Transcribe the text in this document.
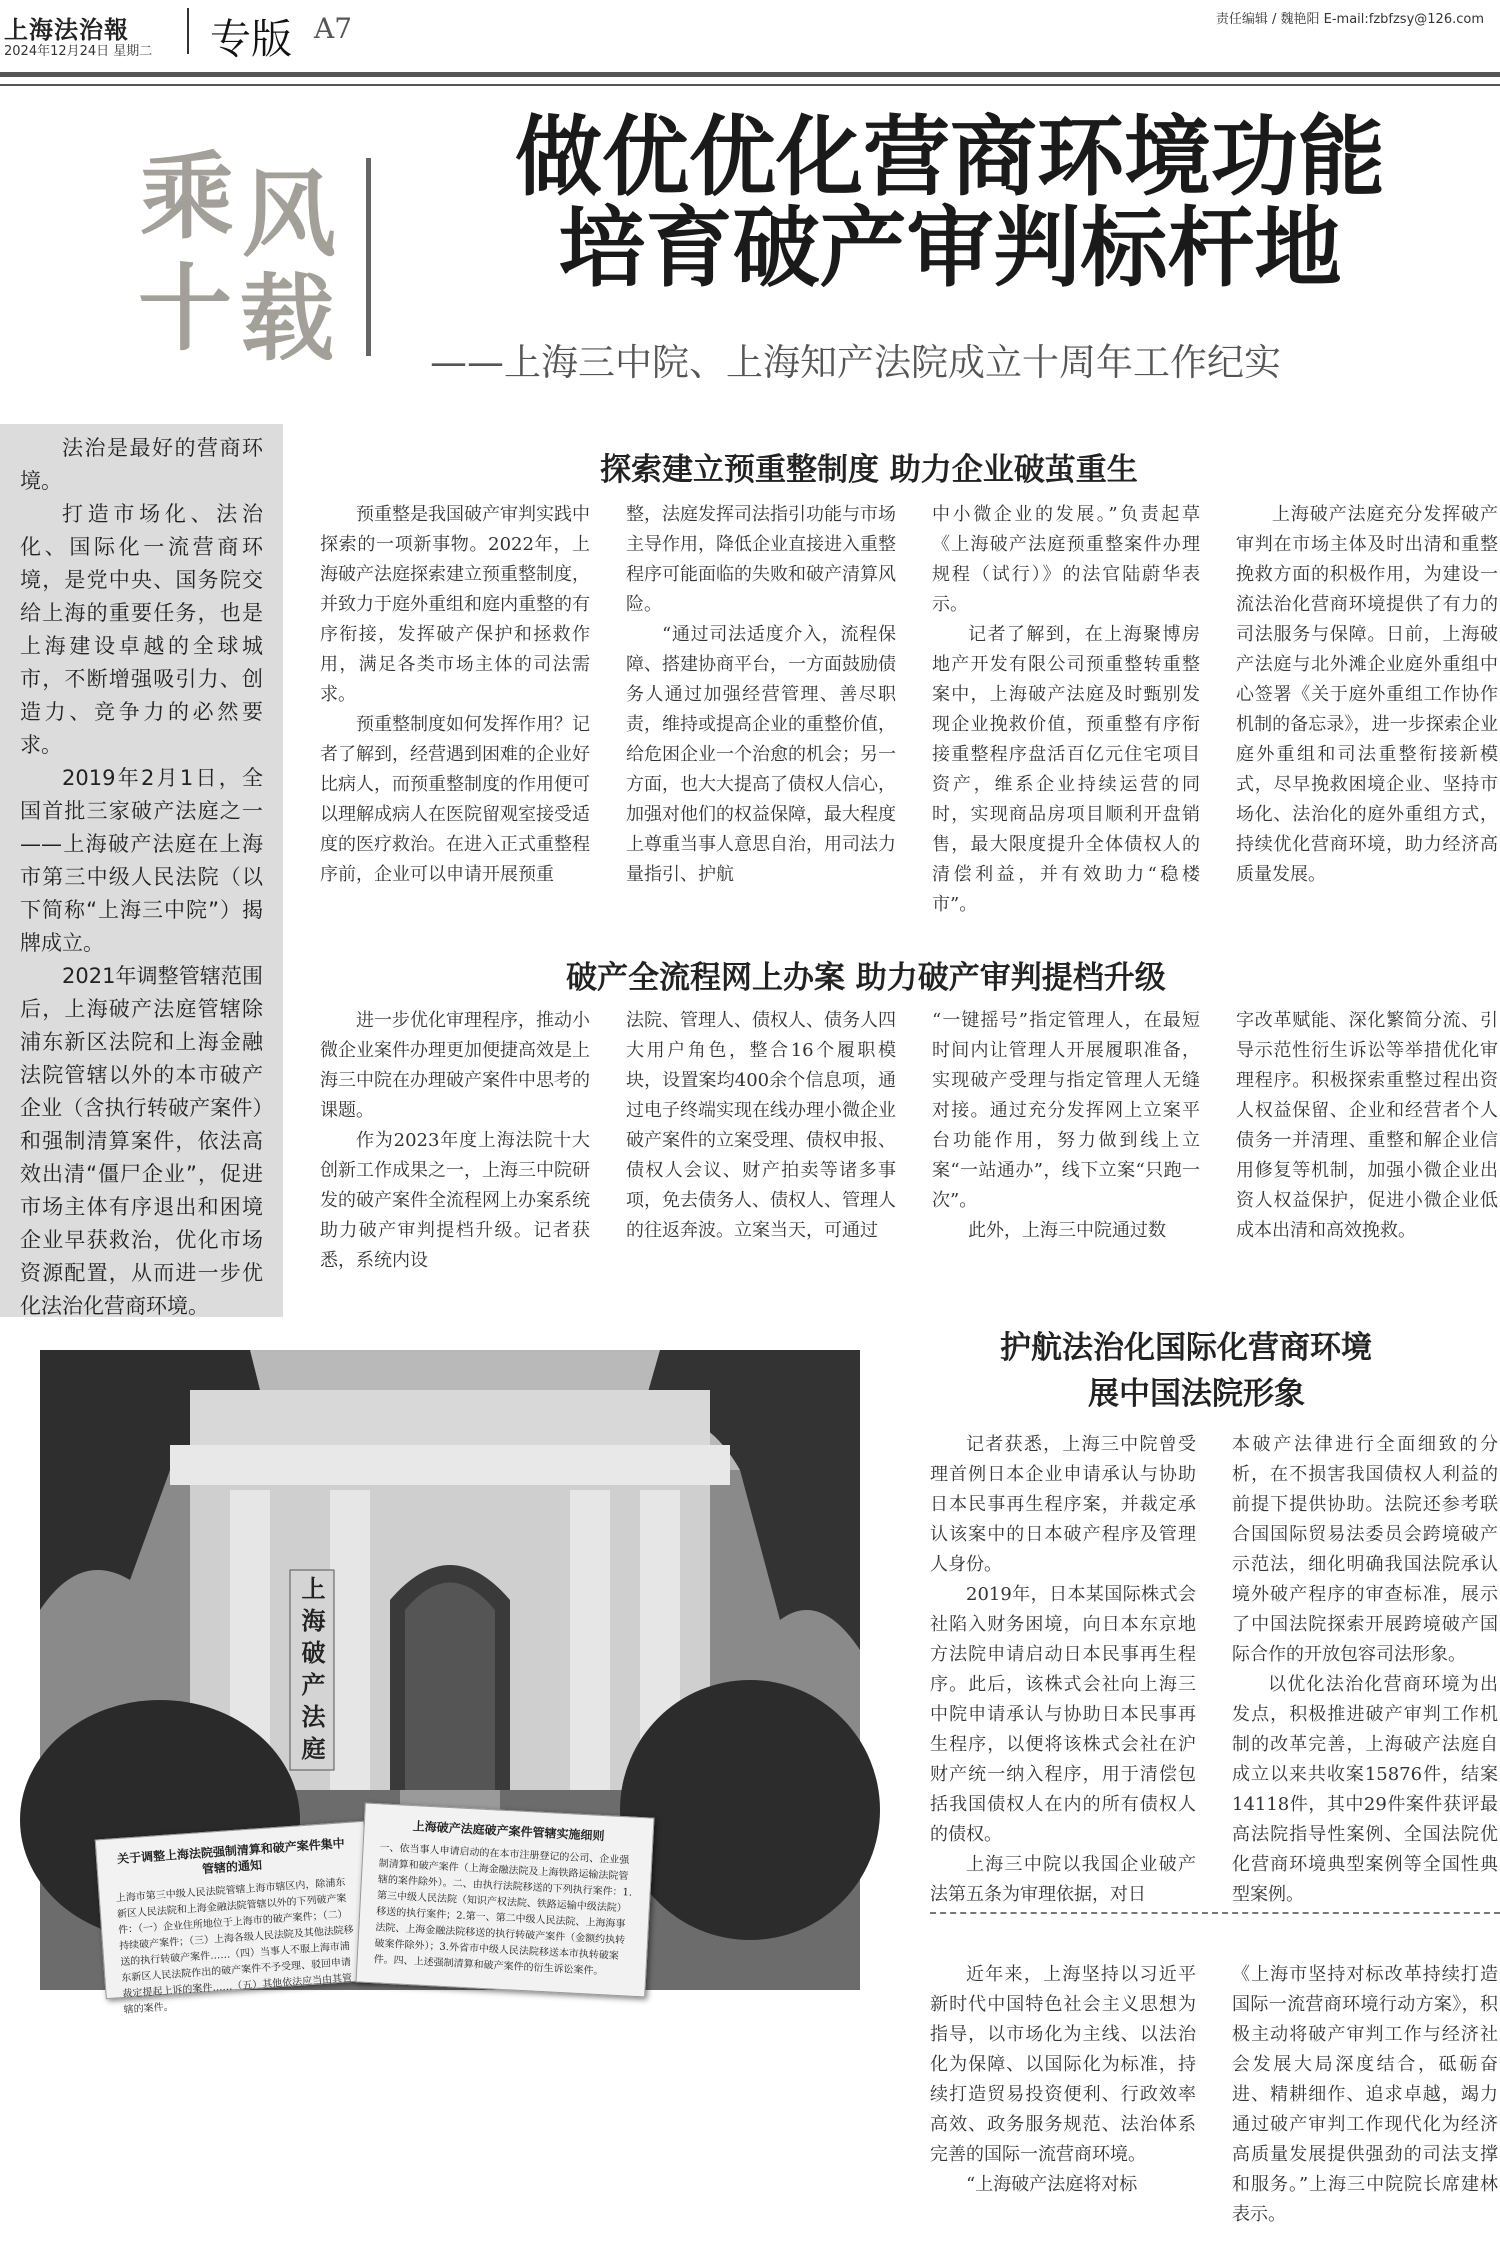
上海法治報
2024年12月24日 星期二 专版 A7	责任编辑 / 魏艳阳 E-mail:fzbfzsy@126.com
乘 风
十 载
做优优化营商环境功能
培育破产审判标杆地
——上海三中院、上海知产法院成立十周年工作纪实

法治是最好的营商环境。

打造市场化、法治化、国际化一流营商环境，是党中央、国务院交给上海的重要任务，也是上海建设卓越的全球城市，不断增强吸引力、创造力、竞争力的必然要求。

2019年2月1日，全国首批三家破产法庭之一——上海破产法庭在上海市第三中级人民法院（以下简称“上海三中院”）揭牌成立。

2021年调整管辖范围后，上海破产法庭管辖除浦东新区法院和上海金融法院管辖以外的本市破产企业（含执行转破产案件）和强制清算案件，依法高效出清“僵尸企业”，促进市场主体有序退出和困境企业早获救治，优化市场资源配置，从而进一步优化法治化营商环境。

探索建立预重整制度 助力企业破茧重生

预重整是我国破产审判实践中探索的一项新事物。2022年，上海破产法庭探索建立预重整制度，并致力于庭外重组和庭内重整的有序衔接，发挥破产保护和拯救作用，满足各类市场主体的司法需求。

预重整制度如何发挥作用？记者了解到，经营遇到困难的企业好比病人，而预重整制度的作用便可以理解成病人在医院留观室接受适度的医疗救治。在进入正式重整程序前，企业可以申请开展预重

整，法庭发挥司法指引功能与市场主导作用，降低企业直接进入重整程序可能面临的失败和破产清算风险。

“通过司法适度介入，流程保障、搭建协商平台，一方面鼓励债务人通过加强经营管理、善尽职责，维持或提高企业的重整价值，给危困企业一个治愈的机会；另一方面，也大大提高了债权人信心，加强对他们的权益保障，最大程度上尊重当事人意思自治，用司法力量指引、护航

中小微企业的发展。”负责起草《上海破产法庭预重整案件办理规程（试行）》的法官陆蔚华表示。

记者了解到，在上海聚博房地产开发有限公司预重整转重整案中，上海破产法庭及时甄别发现企业挽救价值，预重整有序衔接重整程序盘活百亿元住宅项目资产，维系企业持续运营的同时，实现商品房项目顺利开盘销售，最大限度提升全体债权人的清偿利益，并有效助力“稳楼市”。

上海破产法庭充分发挥破产审判在市场主体及时出清和重整挽救方面的积极作用，为建设一流法治化营商环境提供了有力的司法服务与保障。日前，上海破产法庭与北外滩企业庭外重组中心签署《关于庭外重组工作协作机制的备忘录》，进一步探索企业庭外重组和司法重整衔接新模式，尽早挽救困境企业、坚持市场化、法治化的庭外重组方式，持续优化营商环境，助力经济高质量发展。

破产全流程网上办案 助力破产审判提档升级

进一步优化审理程序，推动小微企业案件办理更加便捷高效是上海三中院在办理破产案件中思考的课题。

作为2023年度上海法院十大创新工作成果之一，上海三中院研发的破产案件全流程网上办案系统助力破产审判提档升级。记者获悉，系统内设

法院、管理人、债权人、债务人四大用户角色，整合16个履职模块，设置案均400余个信息项，通过电子终端实现在线办理小微企业破产案件的立案受理、债权申报、债权人会议、财产拍卖等诸多事项，免去债务人、债权人、管理人的往返奔波。立案当天，可通过

“一键摇号”指定管理人，在最短时间内让管理人开展履职准备，实现破产受理与指定管理人无缝对接。通过充分发挥网上立案平台功能作用，努力做到线上立案“一站通办”，线下立案“只跑一次”。

此外，上海三中院通过数

字改革赋能、深化繁简分流、引导示范性衍生诉讼等举措优化审理程序。积极探索重整过程出资人权益保留、企业和经营者个人债务一并清理、重整和解企业信用修复等机制，加强小微企业出资人权益保护，促进小微企业低成本出清和高效挽救。

上海破产法庭
关于调整上海法院强制清算和破产案件集中管辖的通知
上海市第三中级人民法院管辖上海市辖区内，除浦东新区人民法院和上海金融法院管辖以外的下列破产案件：（一）企业住所地位于上海市的破产案件；（二）持续破产案件；（三）上海各级人民法院及其他法院移送的执行转破产案件……（四）当事人不服上海市浦东新区人民法院作出的破产案件不予受理、驳回申请裁定提起上诉的案件……（五）其他依法应当由其管辖的案件。
上海破产法庭破产案件管辖实施细则
一、依当事人申请启动的在本市注册登记的公司、企业强制清算和破产案件（上海金融法院及上海铁路运输法院管辖的案件除外）。二、由执行法院移送的下列执行案件：1.第三中级人民法院（知识产权法院、铁路运输中级法院）移送的执行案件；2.第一、第二中级人民法院、上海海事法院、上海金融法院移送的执行转破产案件（金额约执转破案件除外）；3.外省市中级人民法院移送本市执转破案件。四、上述强制清算和破产案件的衍生诉讼案件。
护航法治化国际化营商环境
展中国法院形象

记者获悉，上海三中院曾受理首例日本企业申请承认与协助日本民事再生程序案，并裁定承认该案中的日本破产程序及管理人身份。

2019年，日本某国际株式会社陷入财务困境，向日本东京地方法院申请启动日本民事再生程序。此后，该株式会社向上海三中院申请承认与协助日本民事再生程序，以便将该株式会社在沪财产统一纳入程序，用于清偿包括我国债权人在内的所有债权人的债权。

上海三中院以我国企业破产法第五条为审理依据，对日

本破产法律进行全面细致的分析，在不损害我国债权人利益的前提下提供协助。法院还参考联合国国际贸易法委员会跨境破产示范法，细化明确我国法院承认境外破产程序的审查标准，展示了中国法院探索开展跨境破产国际合作的开放包容司法形象。

以优化法治化营商环境为出发点，积极推进破产审判工作机制的改革完善，上海破产法庭自成立以来共收案15876件，结案14118件，其中29件案件获评最高法院指导性案例、全国法院优化营商环境典型案例等全国性典型案例。

近年来，上海坚持以习近平新时代中国特色社会主义思想为指导，以市场化为主线、以法治化为保障、以国际化为标准，持续打造贸易投资便利、行政效率高效、政务服务规范、法治体系完善的国际一流营商环境。

“上海破产法庭将对标

《上海市坚持对标改革持续打造国际一流营商环境行动方案》，积极主动将破产审判工作与经济社会发展大局深度结合，砥砺奋进、精耕细作、追求卓越，竭力通过破产审判工作现代化为经济高质量发展提供强劲的司法支撑和服务。”上海三中院院长席建林表示。
